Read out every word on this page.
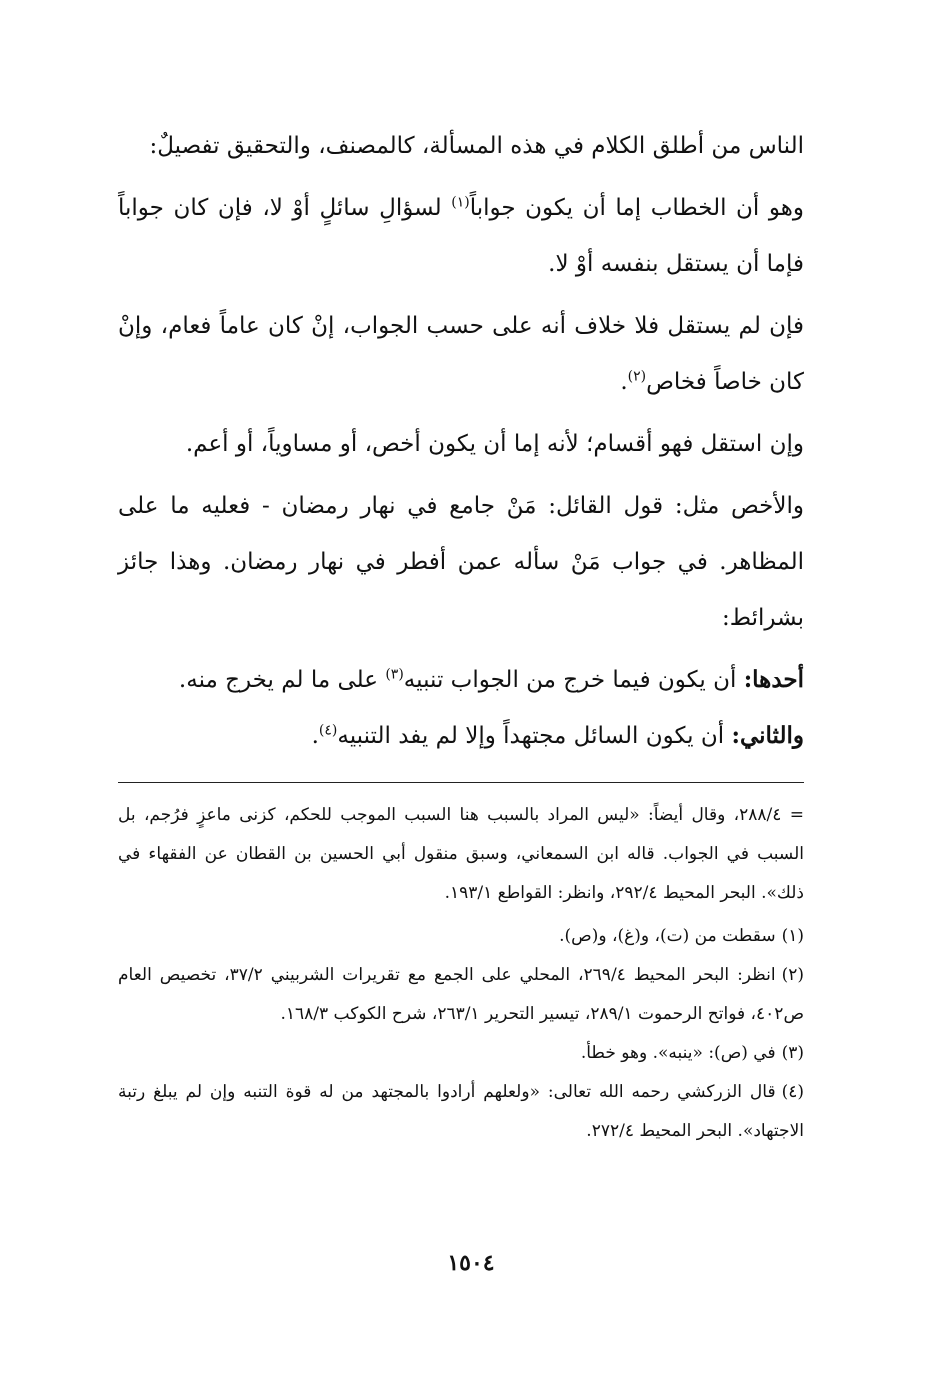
الناس من أطلق الكلام في هذه المسألة، كالمصنف، والتحقيق تفصيلٌ:

وهو أن الخطاب إما أن يكون جواباً$^{(١)}$ لسؤالِ سائلٍ أوْ لا، فإن كان جواباً فإما أن يستقل بنفسه أوْ لا.

فإن لم يستقل فلا خلاف أنه على حسب الجواب، إنْ كان عاماً فعام، وإنْ كان خاصاً فخاص$^{(٢)}$.

وإن استقل فهو أقسام؛ لأنه إما أن يكون أخص، أو مساوياً، أو أعم.

والأخص مثل: قول القائل: مَنْ جامع في نهار رمضان - فعليه ما على المظاهر. في جواب مَنْ سأله عمن أفطر في نهار رمضان. وهذا جائز بشرائط:

أحدها: أن يكون فيما خرج من الجواب تنبيه$^{(٣)}$ على ما لم يخرج منه.

والثاني: أن يكون السائل مجتهداً وإلا لم يفد التنبيه$^{(٤)}$.

= ٢٨٨/٤، وقال أيضاً: «ليس المراد بالسبب هنا السبب الموجب للحكم، كزنى ماعزٍ فرُجم، بل السبب في الجواب. قاله ابن السمعاني، وسبق منقول أبي الحسين بن القطان عن الفقهاء في ذلك». البحر المحيط ٢٩٢/٤، وانظر: القواطع ١٩٣/١.

(١)سقطت من (ت)، و(غ)، و(ص).

(٢)انظر: البحر المحيط ٢٦٩/٤، المحلي على الجمع مع تقريرات الشربيني ٣٧/٢، تخصيص العام ص٤٠٢، فواتح الرحموت ٢٨٩/١، تيسير التحرير ٢٦٣/١، شرح الكوكب ١٦٨/٣.

(٣)في (ص): «ينبه». وهو خطأ.

(٤)قال الزركشي رحمه الله تعالى: «ولعلهم أرادوا بالمجتهد من له قوة التنبه وإن لم يبلغ رتبة الاجتهاد». البحر المحيط ٢٧٢/٤.

١٥٠٤
